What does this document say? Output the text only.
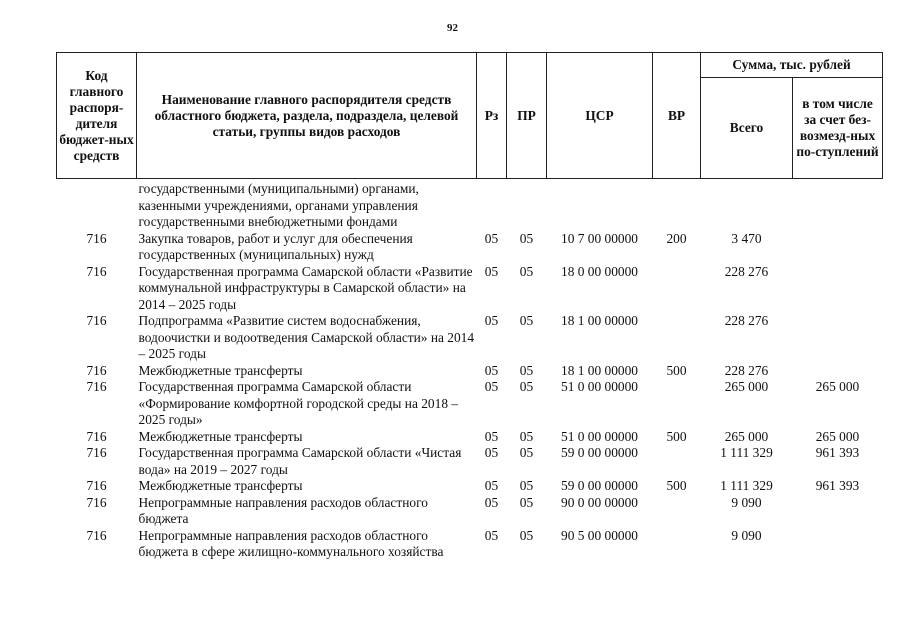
92
Код главного распоря-дителя бюджет-ных средств	Наименование главного распорядителя средств областного бюджета, раздела, подраздела, целевой статьи, группы видов расходов	Рз	ПР	ЦСР	ВР	Сумма, тыс. рублей	
						Всего	в том числе за счет без-возмезд-ных по-ступлений
	государственными (муниципальными) органами, казенными учреждениями, органами управления государственными внебюджетными фондами						
716	Закупка товаров, работ и услуг для обеспечения государственных (муниципальных) нужд	05	05	10 7 00 00000	200	3 470	
716	Государственная программа Самарской области «Развитие коммунальной инфраструктуры в Самарской области» на 2014 – 2025 годы	05	05	18 0 00 00000		228 276	
716	Подпрограмма «Развитие систем водоснабжения, водоочистки и водоотведения Самарской области» на 2014 – 2025 годы	05	05	18 1 00 00000		228 276	
716	Межбюджетные трансферты	05	05	18 1 00 00000	500	228 276	
716	Государственная программа Самарской области «Формирование комфортной городской среды на 2018 – 2025 годы»	05	05	51 0 00 00000		265 000	265 000
716	Межбюджетные трансферты	05	05	51 0 00 00000	500	265 000	265 000
716	Государственная программа Самарской области «Чистая вода» на 2019 – 2027 годы	05	05	59 0 00 00000		1 111 329	961 393
716	Межбюджетные трансферты	05	05	59 0 00 00000	500	1 111 329	961 393
716	Непрограммные направления расходов областного бюджета	05	05	90 0 00 00000		9 090	
716	Непрограммные направления расходов областного бюджета в сфере жилищно-коммунального хозяйства	05	05	90 5 00 00000		9 090	
